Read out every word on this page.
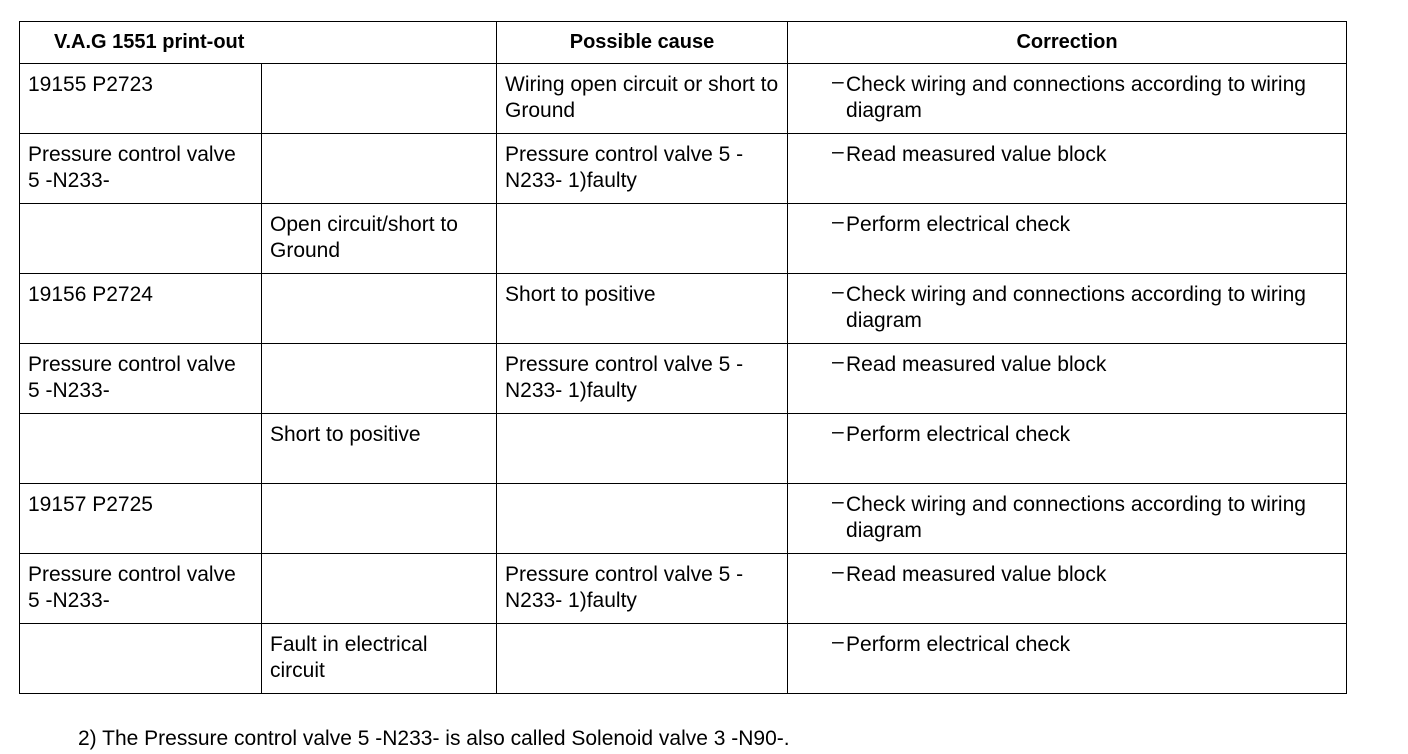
V.A.G 1551 print-out		Possible cause	Correction
19155 P2723		Wiring open circuit or short to Ground	– Check wiring and connections according to wiring diagram
Pressure control valve 5 -N233-		Pressure control valve 5 -N233- 1)faulty	– Read measured value block
	Open circuit/short to Ground		– Perform electrical check
19156 P2724		Short to positive	– Check wiring and connections according to wiring diagram
Pressure control valve 5 -N233-		Pressure control valve 5 -N233- 1)faulty	– Read measured value block
	Short to positive		– Perform electrical check
19157 P2725			– Check wiring and connections according to wiring diagram
Pressure control valve 5 -N233-		Pressure control valve 5 -N233- 1)faulty	– Read measured value block
	Fault in electrical circuit		– Perform electrical check
2) The Pressure control valve 5 -N233- is also called Solenoid valve 3 -N90-.
